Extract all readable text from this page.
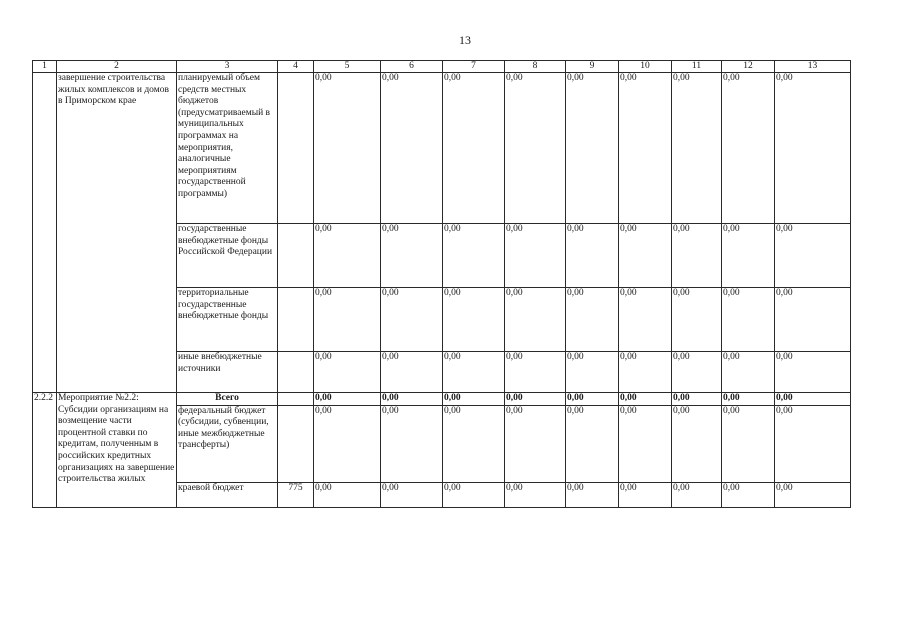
13
1	2	3	4	5	6	7	8	9	10	11	12	13
	завершение строительства жилых комплексов и домов в Приморском крае	планируемый объем средств местных бюджетов (предусматриваемый в муниципальных программах на мероприятия, аналогичные мероприятиям государственной программы)		0,00	0,00	0,00	0,00	0,00	0,00	0,00	0,00	0,00
		государственные внебюджетные фонды Российской Федерации		0,00	0,00	0,00	0,00	0,00	0,00	0,00	0,00	0,00
		территориальные государственные внебюджетные фонды		0,00	0,00	0,00	0,00	0,00	0,00	0,00	0,00	0,00
		иные внебюджетные источники		0,00	0,00	0,00	0,00	0,00	0,00	0,00	0,00	0,00
2.2.2	Мероприятие №2.2: Субсидии организациям на возмещение части процентной ставки по кредитам, полученным в российских кредитных организациях на завершение строительства жилых	Всего		0,00	0,00	0,00	0,00	0,00	0,00	0,00	0,00	0,00
		федеральный бюджет (субсидии, субвенции, иные межбюджетные трансферты)		0,00	0,00	0,00	0,00	0,00	0,00	0,00	0,00	0,00
		краевой бюджет	775	0,00	0,00	0,00	0,00	0,00	0,00	0,00	0,00	0,00
